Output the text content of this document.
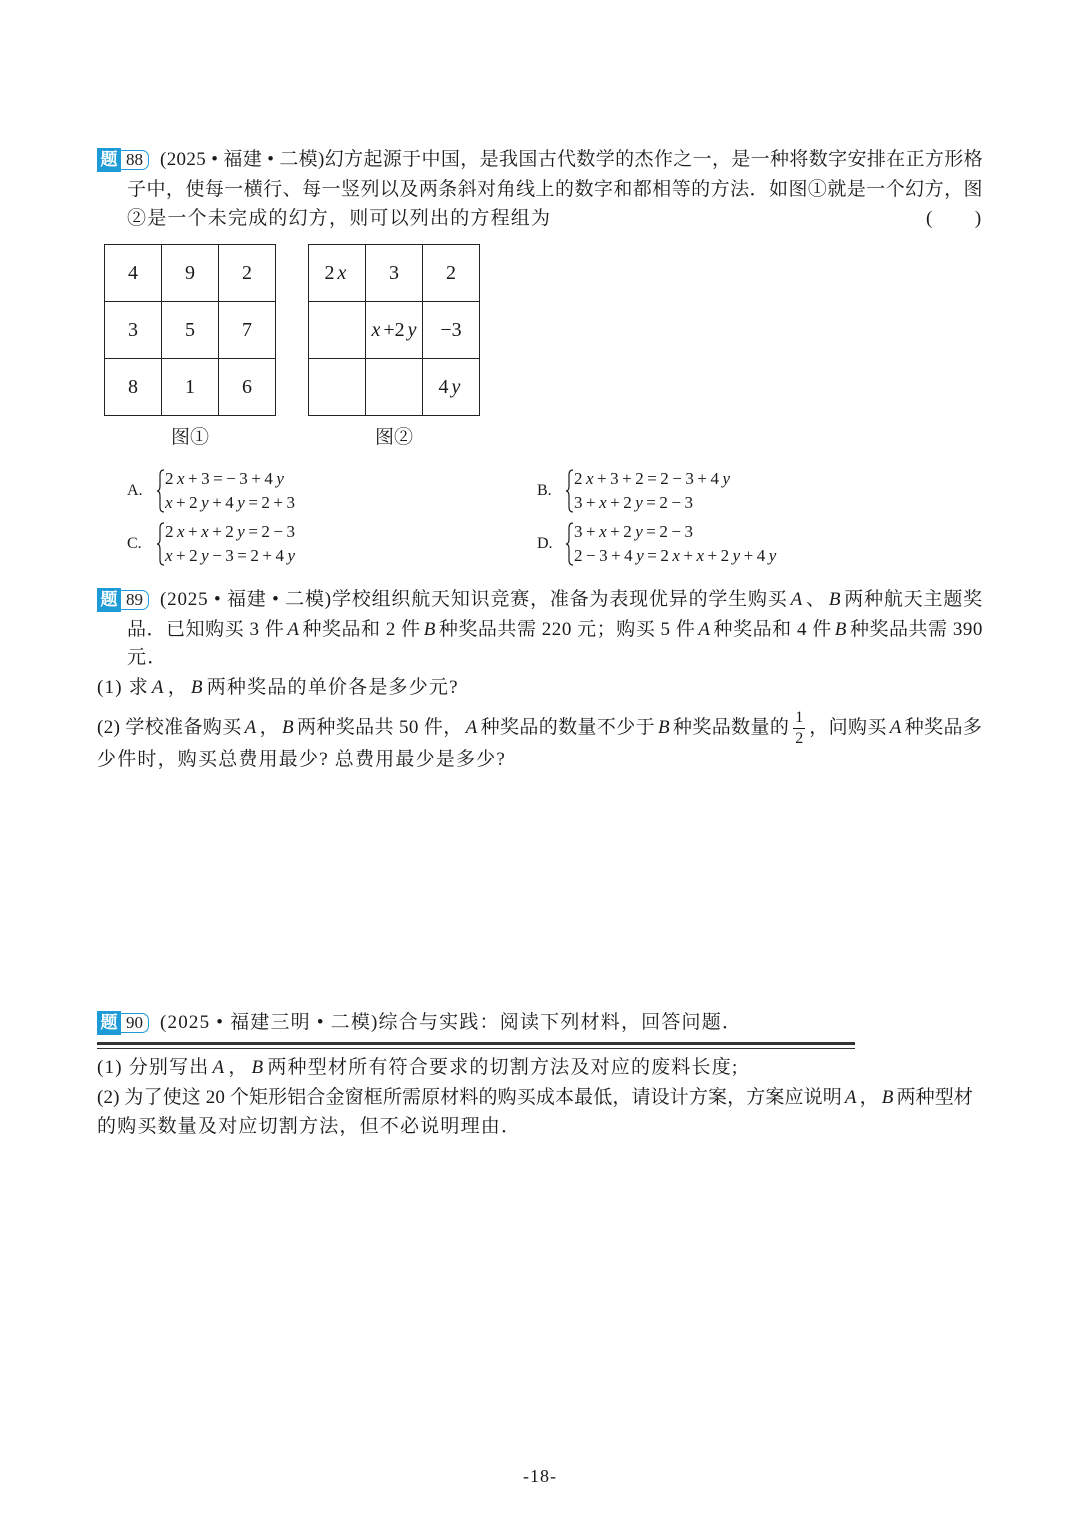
题 88 (2025 • 福建 • 二模)幻方起源于中国，是我国古代数学的杰作之一，是一种将数字安排在正方形格
子中，使每一横行、每一竖列以及两条斜对角线上的数字和都相等的方法．如图①就是一个幻方，图
②是一个未完成的幻方，则可以列出的方程组为	(      )
4	9	2
3	5	7
8	1	6
2 x	3	2
	x +2 y	−3
		4 y
图①	图②
A.
2x+3=−3+4y
x+2y+4y=2+3
B.
2x+3+2=2−3+4y
3+x+2y=2−3
C.
2x+x+2y=2−3
x+2y−3=2+4y
D.
3+x+2y=2−3
2−3+4y=2x+x+2y+4y
题 89 (2025 • 福建 • 二模)学校组织航天知识竞赛，准备为表现优异的学生购买 A 、 B 两种航天主题奖
品．已知购买 3 件 A 种奖品和 2 件 B 种奖品共需 220 元；购买 5 件 A 种奖品和 4 件 B 种奖品共需 390
元．
(1) 求 A ， B 两种奖品的单价各是多少元?
(2) 学校准备购买 A ， B 两种奖品共 50 件， A 种奖品的数量不少于 B 种奖品数量的 $\frac{1}{2}$ ，问购买 A 种奖品多
少件时，购买总费用最少? 总费用最少是多少?
题 90 (2025 • 福建三明 • 二模)综合与实践：阅读下列材料，回答问题．
(1) 分别写出 A ， B 两种型材所有符合要求的切割方法及对应的废料长度;
(2) 为了使这 20 个矩形铝合金窗框所需原材料的购买成本最低，请设计方案，方案应说明 A ， B 两种型材
的购买数量及对应切割方法，但不必说明理由．
-18-
